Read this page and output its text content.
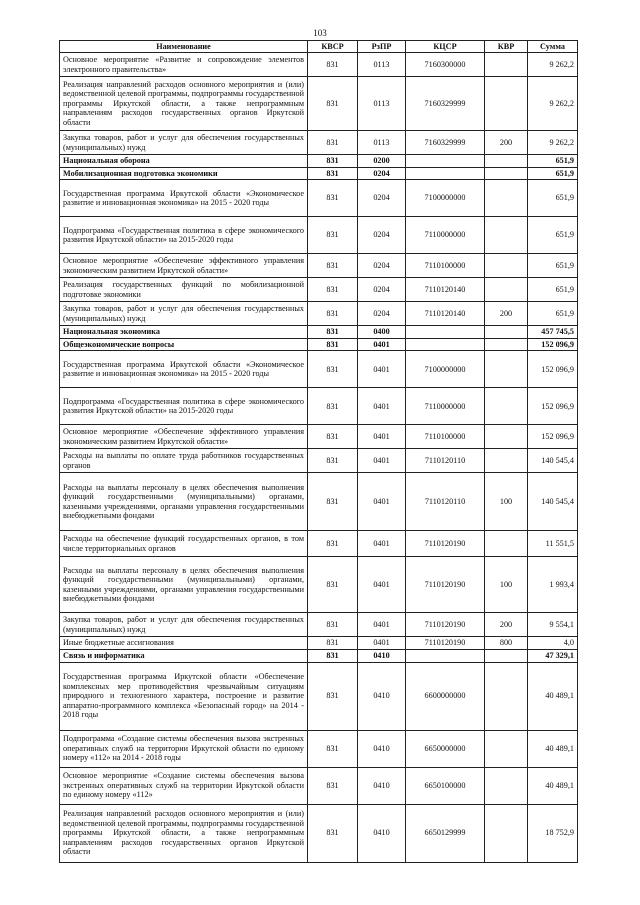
103
Наименование	КВСР	РзПР	КЦСР	КВР	Сумма
Основное мероприятие «Развитие и сопровождение элементов электронного правительства»	831	0113	7160300000		9 262,2
Реализация направлений расходов основного мероприятия и (или) ведомственной целевой программы, подпрограммы государственной программы Иркутской области, а также непрограммным направлениям расходов государственных органов Иркутской области	831	0113	7160329999		9 262,2
Закупка товаров, работ и услуг для обеспечения государственных (муниципальных) нужд	831	0113	7160329999	200	9 262,2
Национальная оборона	831	0200			651,9
Мобилизационная подготовка экономики	831	0204			651,9
Государственная программа Иркутской области «Экономическое развитие и инновационная экономика» на 2015 - 2020 годы	831	0204	7100000000		651,9
Подпрограмма «Государственная политика в сфере экономического развития Иркутской области» на 2015-2020 годы	831	0204	7110000000		651,9
Основное мероприятие «Обеспечение эффективного управления экономическим развитием Иркутской области»	831	0204	7110100000		651,9
Реализация государственных функций по мобилизационной подготовке экономики	831	0204	7110120140		651,9
Закупка товаров, работ и услуг для обеспечения государственных (муниципальных) нужд	831	0204	7110120140	200	651,9
Национальная экономика	831	0400			457 745,5
Общеэкономические вопросы	831	0401			152 096,9
Государственная программа Иркутской области «Экономическое развитие и инновационная экономика» на 2015 - 2020 годы	831	0401	7100000000		152 096,9
Подпрограмма «Государственная политика в сфере экономического развития Иркутской области» на 2015-2020 годы	831	0401	7110000000		152 096,9
Основное мероприятие «Обеспечение эффективного управления экономическим развитием Иркутской области»	831	0401	7110100000		152 096,9
Расходы на выплаты по оплате труда работников государственных органов	831	0401	7110120110		140 545,4
Расходы на выплаты персоналу в целях обеспечения выполнения функций государственными (муниципальными) органами, казенными учреждениями, органами управления государственными внебюджетными фондами	831	0401	7110120110	100	140 545,4
Расходы на обеспечение функций государственных органов, в том числе территориальных органов	831	0401	7110120190		11 551,5
Расходы на выплаты персоналу в целях обеспечения выполнения функций государственными (муниципальными) органами, казенными учреждениями, органами управления государственными внебюджетными фондами	831	0401	7110120190	100	1 993,4
Закупка товаров, работ и услуг для обеспечения государственных (муниципальных) нужд	831	0401	7110120190	200	9 554,1
Иные бюджетные ассигнования	831	0401	7110120190	800	4,0
Связь и информатика	831	0410			47 329,1
Государственная программа Иркутской области «Обеспечение комплексных мер противодействия чрезвычайным ситуациям природного и техногенного характера, построение и развитие аппаратно-программного комплекса «Безопасный город» на 2014 - 2018 годы	831	0410	6600000000		40 489,1
Подпрограмма «Создание системы обеспечения вызова экстренных оперативных служб на территории Иркутской области по единому номеру «112» на 2014 - 2018 годы	831	0410	6650000000		40 489,1
Основное мероприятие «Создание системы обеспечения вызова экстренных оперативных служб на территории Иркутской области по единому номеру «112»	831	0410	6650100000		40 489,1
Реализация направлений расходов основного мероприятия и (или) ведомственной целевой программы, подпрограммы государственной программы Иркутской области, а также непрограммным направлениям расходов государственных органов Иркутской области	831	0410	6650129999		18 752,9
